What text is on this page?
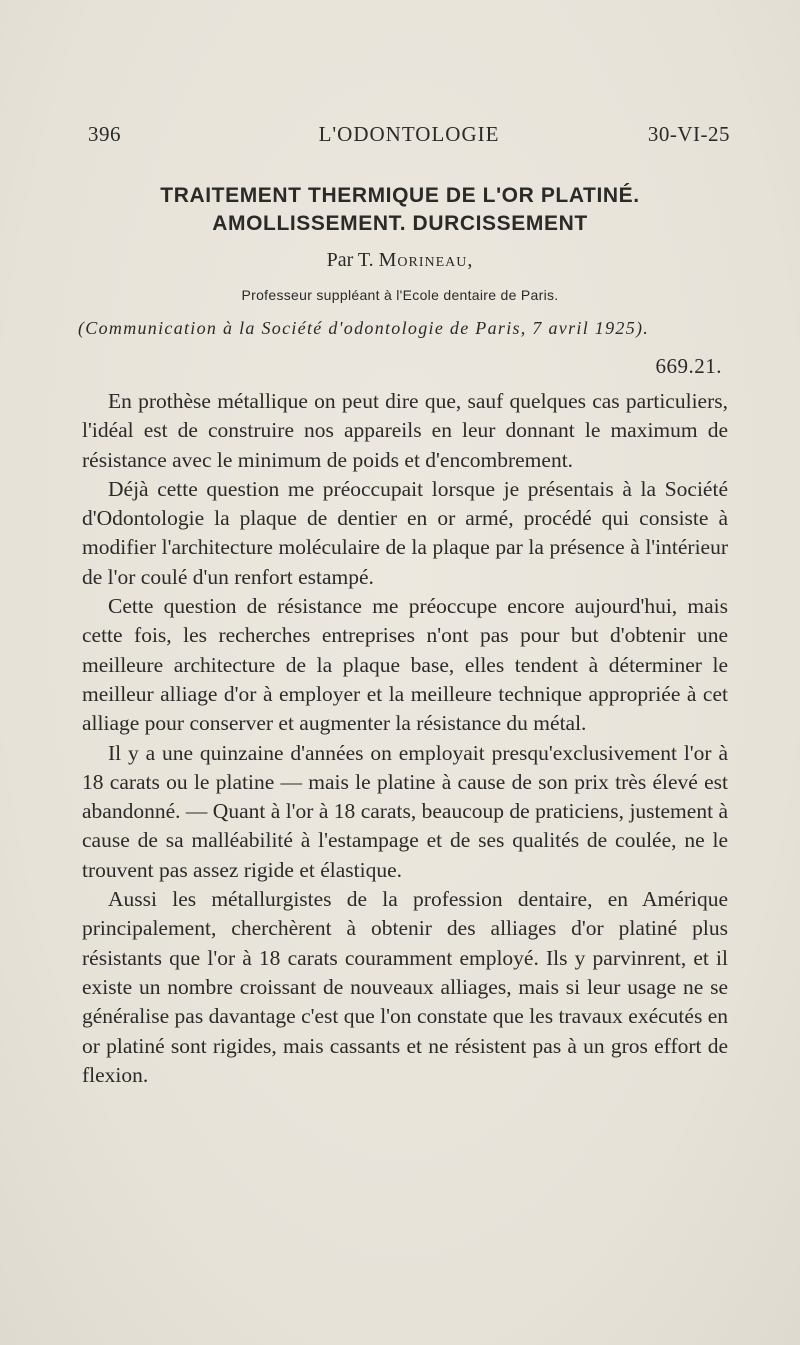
396	L'ODONTOLOGIE	30-VI-25
TRAITEMENT THERMIQUE DE L'OR PLATINÉ.
AMOLLISSEMENT. DURCISSEMENT
Par T. Morineau,
Professeur suppléant à l'Ecole dentaire de Paris.
(Communication à la Société d'odontologie de Paris, 7 avril 1925).
669.21.

En prothèse métallique on peut dire que, sauf quelques cas particuliers, l'idéal est de construire nos appareils en leur donnant le maximum de résistance avec le minimum de poids et d'encombrement.

Déjà cette question me préoccupait lorsque je présentais à la Société d'Odontologie la plaque de dentier en or armé, procédé qui consiste à modifier l'architecture moléculaire de la plaque par la présence à l'intérieur de l'or coulé d'un renfort estampé.

Cette question de résistance me préoccupe encore aujourd'hui, mais cette fois, les recherches entreprises n'ont pas pour but d'obtenir une meilleure architecture de la plaque base, elles tendent à déterminer le meilleur alliage d'or à employer et la meilleure technique appropriée à cet alliage pour conserver et augmenter la résistance du métal.

Il y a une quinzaine d'années on employait presqu'exclusivement l'or à 18 carats ou le platine — mais le platine à cause de son prix très élevé est abandonné. — Quant à l'or à 18 carats, beaucoup de praticiens, justement à cause de sa malléabilité à l'estampage et de ses qualités de coulée, ne le trouvent pas assez rigide et élastique.

Aussi les métallurgistes de la profession dentaire, en Amérique principalement, cherchèrent à obtenir des alliages d'or platiné plus résistants que l'or à 18 carats couramment employé. Ils y parvinrent, et il existe un nombre croissant de nouveaux alliages, mais si leur usage ne se généralise pas davantage c'est que l'on constate que les travaux exécutés en or platiné sont rigides, mais cassants et ne résistent pas à un gros effort de flexion.
